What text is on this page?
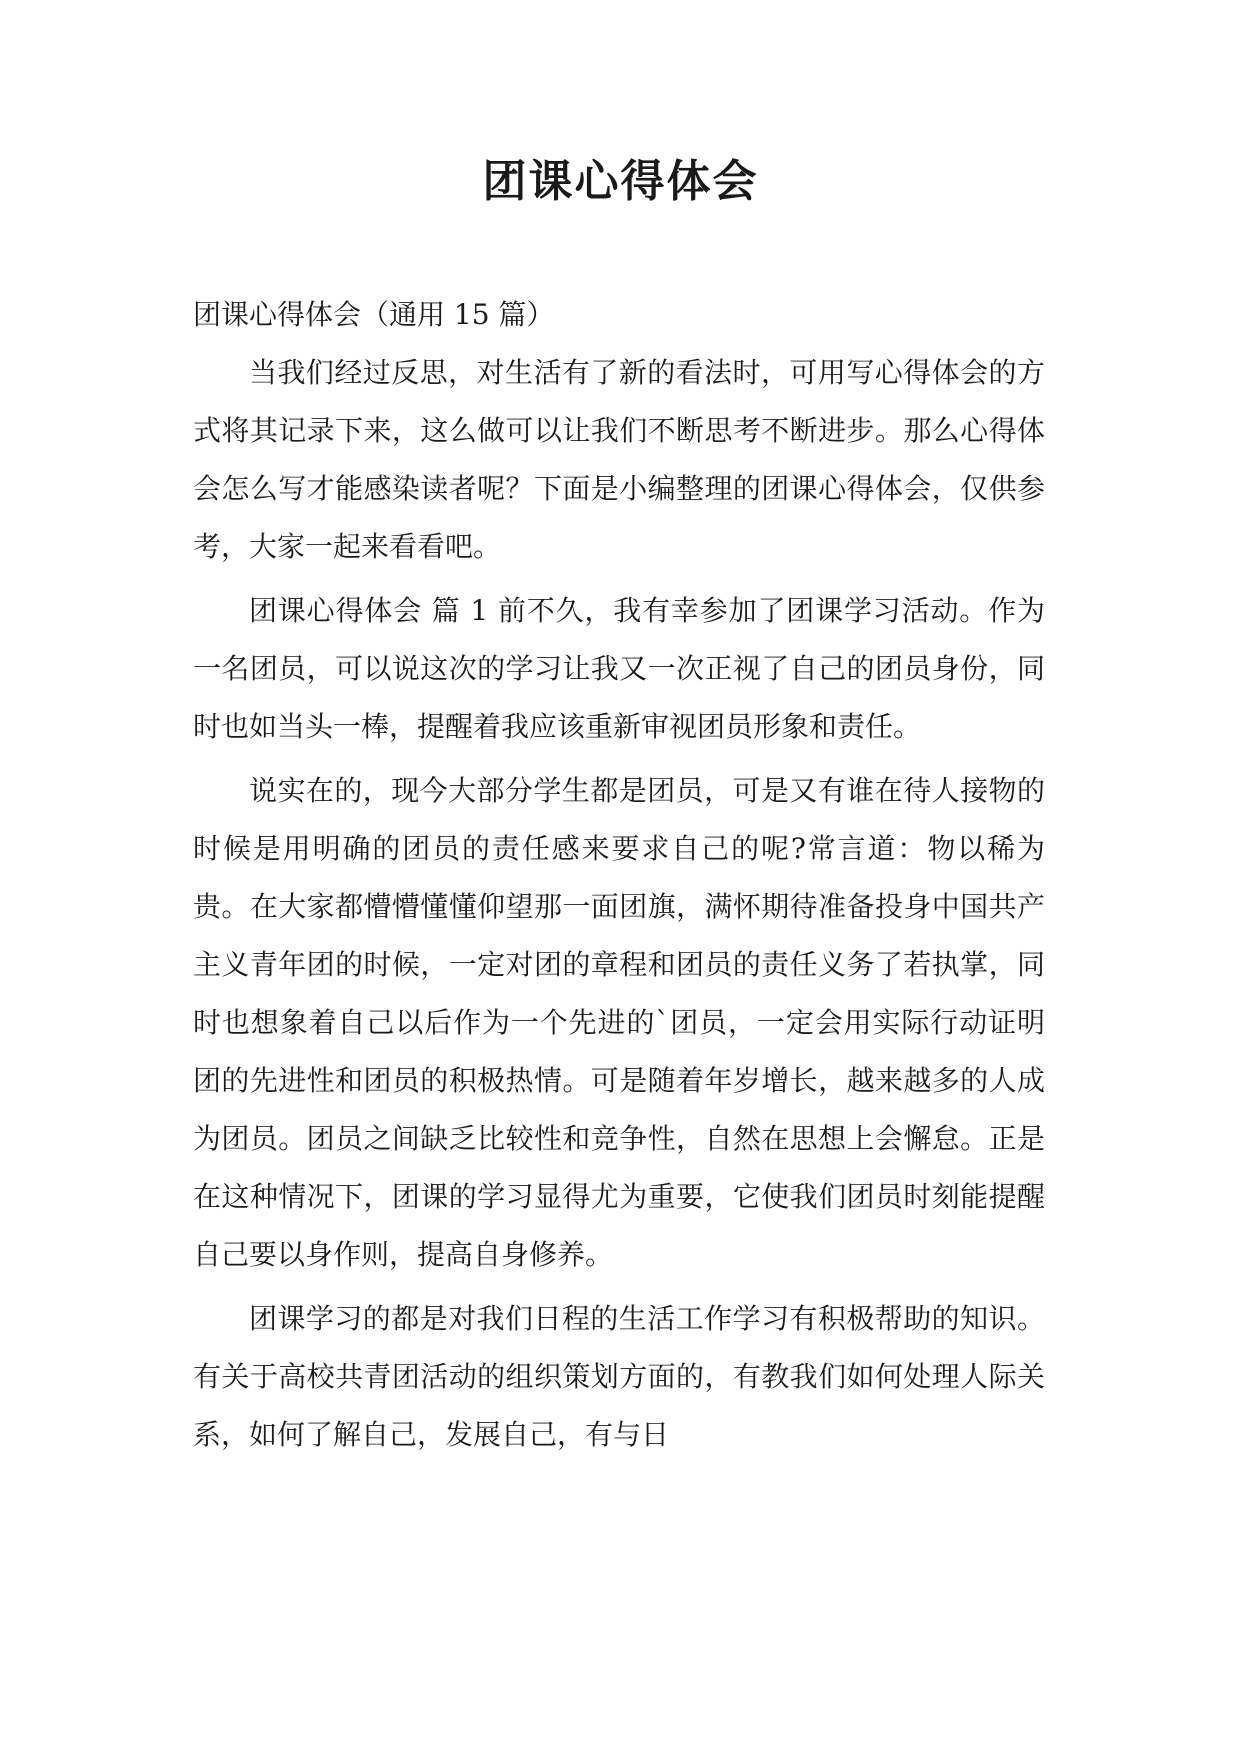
团课心得体会

团课心得体会（通用 15 篇）

当我们经过反思，对生活有了新的看法时，可用写心得体会的方式将其记录下来，这么做可以让我们不断思考不断进步。那么心得体会怎么写才能感染读者呢？下面是小编整理的团课心得体会，仅供参考，大家一起来看看吧。

团课心得体会 篇 1 前不久，我有幸参加了团课学习活动。作为一名团员，可以说这次的学习让我又一次正视了自己的团员身份，同时也如当头一棒，提醒着我应该重新审视团员形象和责任。

说实在的，现今大部分学生都是团员，可是又有谁在待人接物的时候是用明确的团员的责任感来要求自己的呢?常言道：物以稀为贵。在大家都懵懵懂懂仰望那一面团旗，满怀期待准备投身中国共产主义青年团的时候，一定对团的章程和团员的责任义务了若执掌，同时也想象着自己以后作为一个先进的`团员，一定会用实际行动证明团的先进性和团员的积极热情。可是随着年岁增长，越来越多的人成为团员。团员之间缺乏比较性和竞争性，自然在思想上会懈怠。正是在这种情况下，团课的学习显得尤为重要，它使我们团员时刻能提醒自己要以身作则，提高自身修养。

团课学习的都是对我们日程的生活工作学习有积极帮助的知识。有关于高校共青团活动的组织策划方面的，有教我们如何处理人际关系，如何了解自己，发展自己，有与日
